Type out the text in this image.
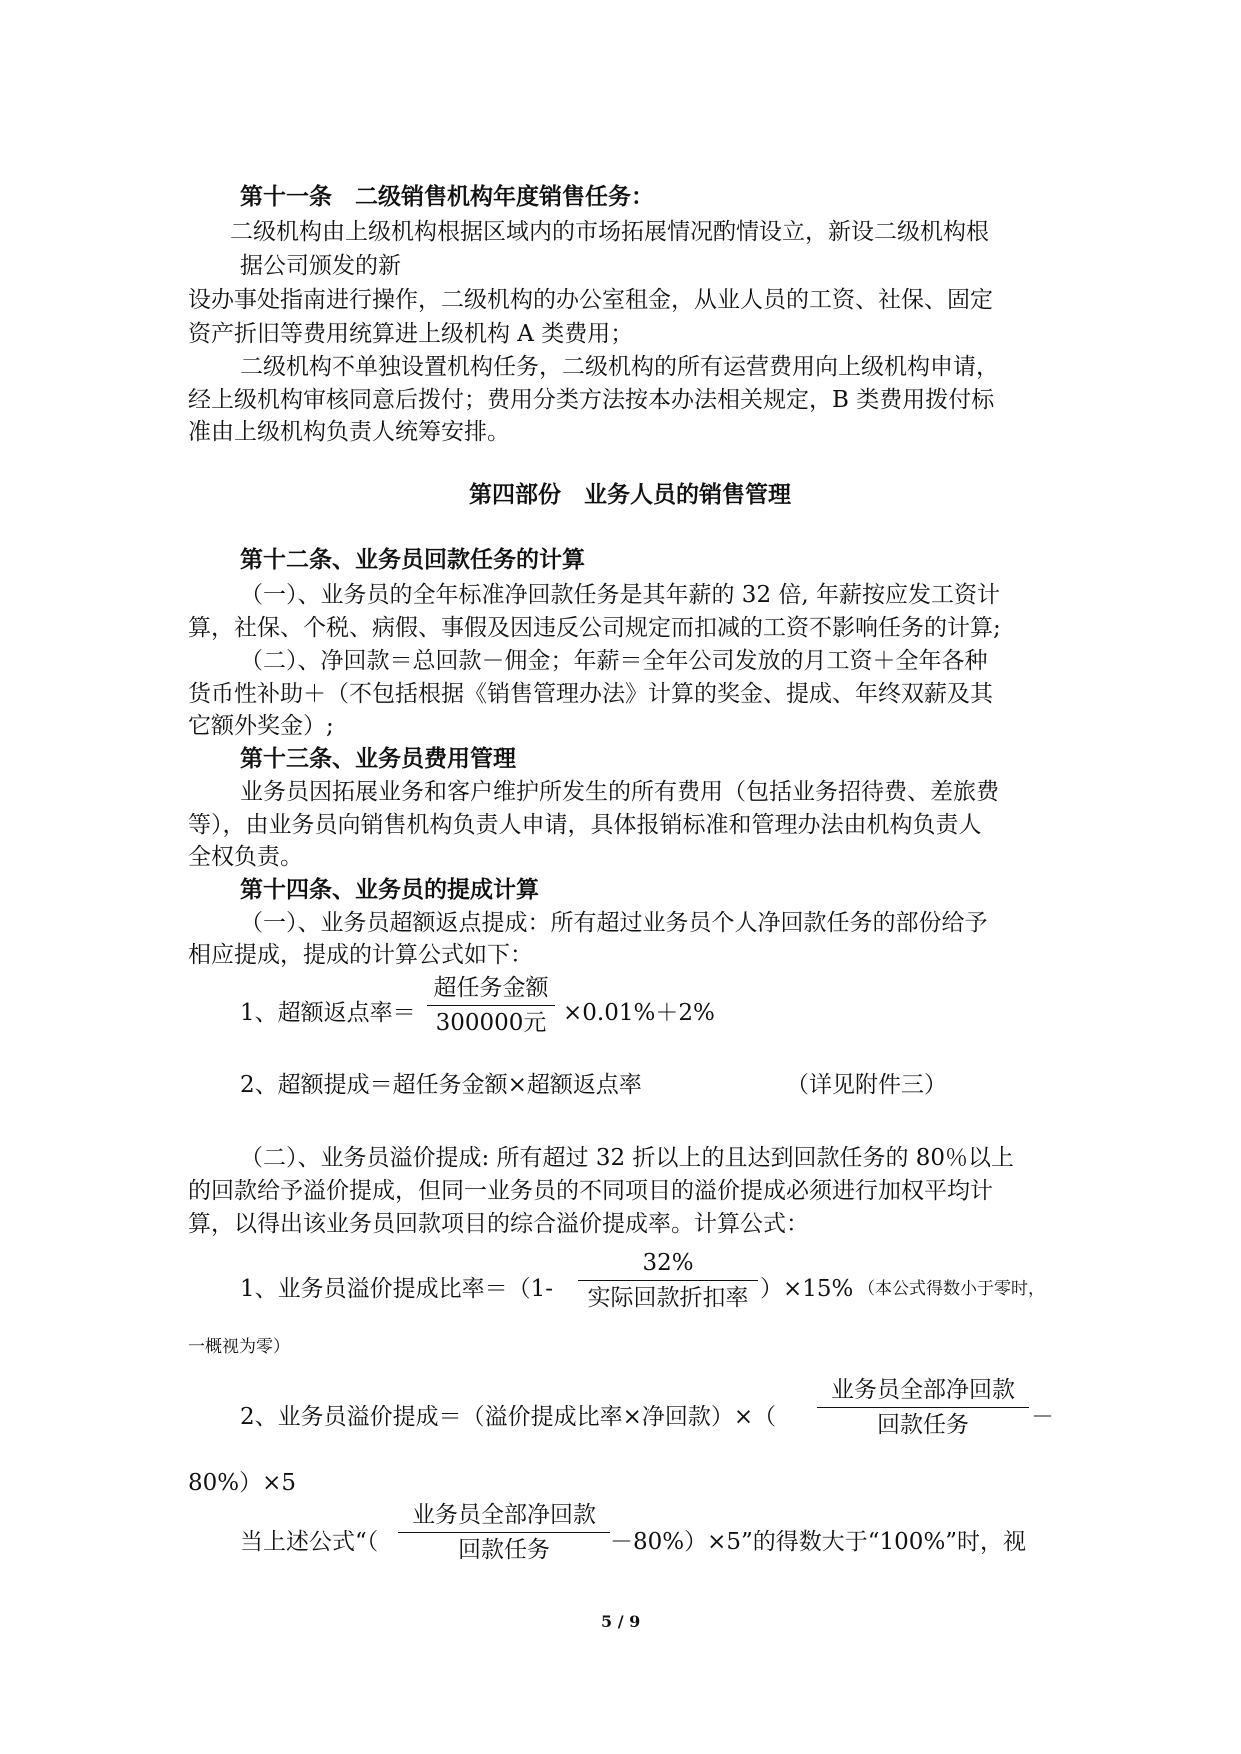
第十一条　二级销售机构年度销售任务：
二级机构由上级机构根据区域内的市场拓展情况酌情设立，新设二级机构根
据公司颁发的新
设办事处指南进行操作，二级机构的办公室租金，从业人员的工资、社保、固定
资产折旧等费用统算进上级机构 A 类费用；
二级机构不单独设置机构任务，二级机构的所有运营费用向上级机构申请，
经上级机构审核同意后拨付；费用分类方法按本办法相关规定，B 类费用拨付标
准由上级机构负责人统筹安排。
第四部份　业务人员的销售管理
第十二条、业务员回款任务的计算
（一）、业务员的全年标准净回款任务是其年薪的 32 倍, 年薪按应发工资计
算，社保、个税、病假、事假及因违反公司规定而扣减的工资不影响任务的计算;
（二）、净回款＝总回款－佣金；年薪＝全年公司发放的月工资＋全年各种
货币性补助＋（不包括根据《销售管理办法》计算的奖金、提成、年终双薪及其
它额外奖金）;
第十三条、业务员费用管理
业务员因拓展业务和客户维护所发生的所有费用（包括业务招待费、差旅费
等），由业务员向销售机构负责人申请，具体报销标准和管理办法由机构负责人
全权负责。
第十四条、业务员的提成计算
（一）、业务员超额返点提成：所有超过业务员个人净回款任务的部份给予
相应提成，提成的计算公式如下：
1、超额返点率＝
超任务金额
300000元 ×0.01%＋2%
2、超额提成＝超任务金额×超额返点率	（详见附件三）
（二）、业务员溢价提成: 所有超过 32 折以上的且达到回款任务的 80％以上
的回款给予溢价提成，但同一业务员的不同项目的溢价提成必须进行加权平均计
算，以得出该业务员回款项目的综合溢价提成率。计算公式：
1、业务员溢价提成比率＝（1-
32%
实际回款折扣率 ）×15% （本公式得数小于零时，
一概视为零）
2、业务员溢价提成＝（溢价提成比率×净回款）×（
业务员全部净回款
回款任务	－
80%）×5
当上述公式“（
业务员全部净回款
回款任务	－80%）×5”的得数大于“100%”时，视
5 / 9
